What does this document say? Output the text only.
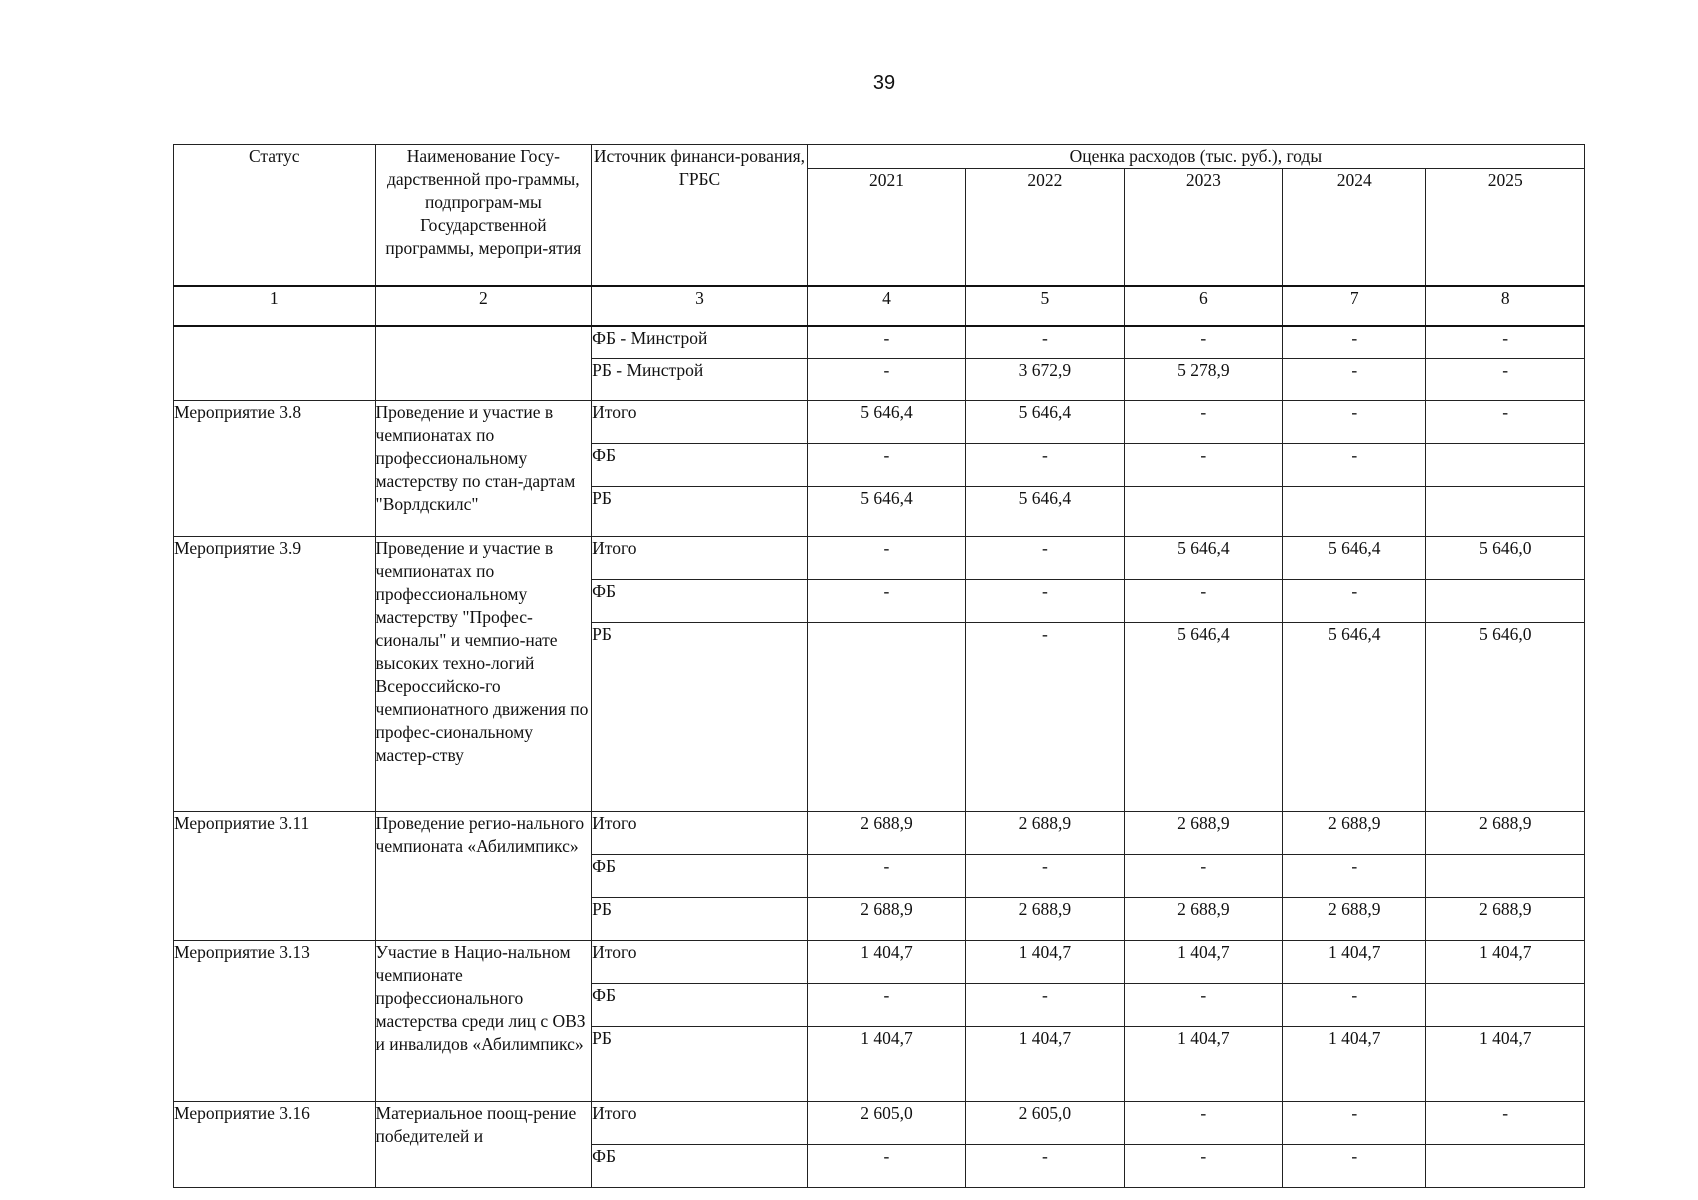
39
Статус	Наименование Госу-дарственной про-граммы, подпрограм-мы Государственной программы, меропри-ятия	Источник финанси-рования, ГРБС	Оценка расходов (тыс. руб.), годы				
			2021	2022	2023	2024	2025
1	2	3	4	5	6	7	8
		ФБ - Минстрой	-	-	-	-	-
		РБ - Минстрой	-	3 672,9	5 278,9	-	-
Мероприятие 3.8	Проведение и участие в чемпионатах по профессиональному мастерству по стан-дартам "Ворлдскилс"	Итого	5 646,4	5 646,4	-	-	-
		ФБ	-	-	-	-	
		РБ	5 646,4	5 646,4			
Мероприятие 3.9	Проведение и участие в чемпионатах по профессиональному мастерству "Профес-сионалы" и чемпио-нате высоких техно-логий Всероссийско-го чемпионатного движения по профес-сиональному мастер-ству	Итого	-	-	5 646,4	5 646,4	5 646,0
		ФБ	-	-	-	-	
		РБ		-	5 646,4	5 646,4	5 646,0
Мероприятие 3.11	Проведение регио-нального чемпионата «Абилимпикс»	Итого	2 688,9	2 688,9	2 688,9	2 688,9	2 688,9
		ФБ	-	-	-	-	
		РБ	2 688,9	2 688,9	2 688,9	2 688,9	2 688,9
Мероприятие 3.13	Участие в Нацио-нальном чемпионате профессионального мастерства среди лиц с ОВЗ и инвалидов «Абилимпикс»	Итого	1 404,7	1 404,7	1 404,7	1 404,7	1 404,7
		ФБ	-	-	-	-	
		РБ	1 404,7	1 404,7	1 404,7	1 404,7	1 404,7
Мероприятие 3.16	Материальное поощ-рение победителей и	Итого	2 605,0	2 605,0	-	-	-
		ФБ	-	-	-	-	
